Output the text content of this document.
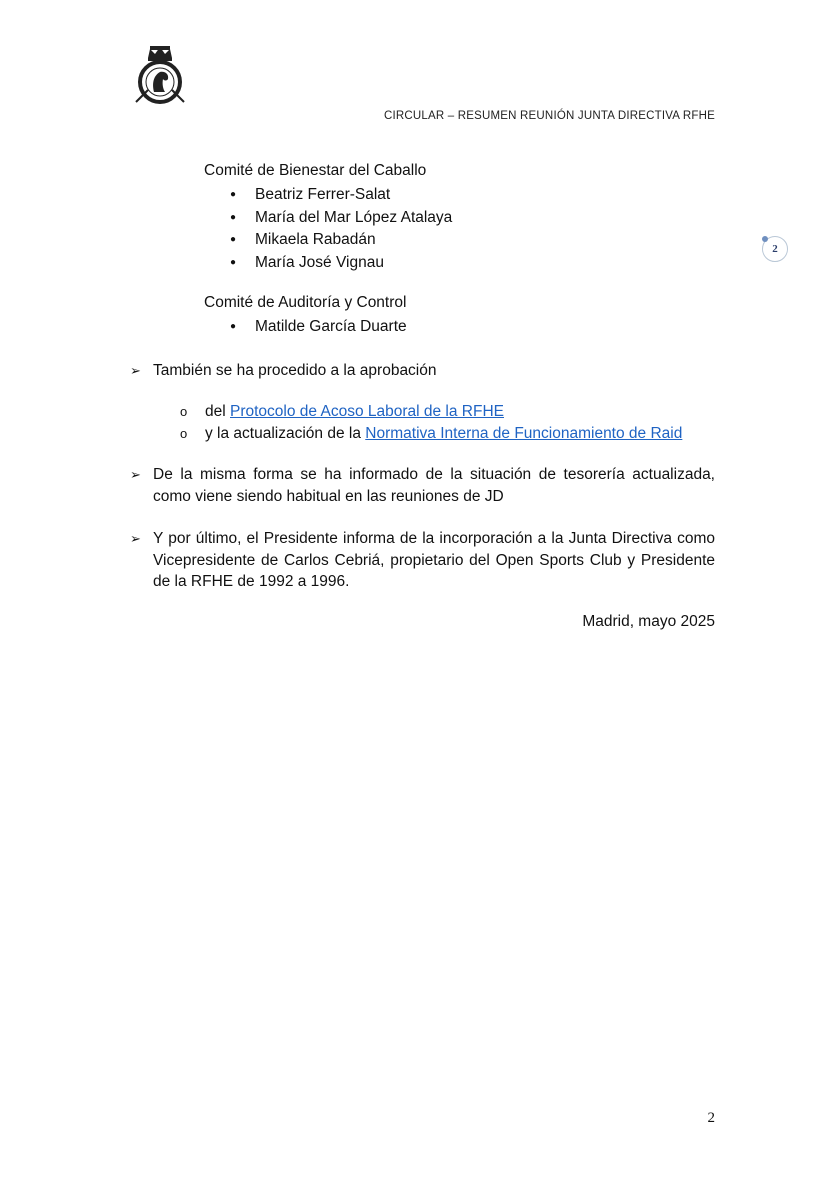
CIRCULAR – RESUMEN REUNIÓN JUNTA DIRECTIVA RFHE
2
Comité de Bienestar del Caballo
● Beatriz Ferrer-Salat
● María del Mar López Atalaya
● Mikaela Rabadán
● María José Vignau
Comité de Auditoría y Control
● Matilde García Duarte
➢ También se ha procedido a la aprobación
o del Protocolo de Acoso Laboral de la RFHE
o y la actualización de la Normativa Interna de Funcionamiento de Raid
➢ De la misma forma se ha informado de la situación de tesorería actualizada, como viene siendo habitual en las reuniones de JD
➢ Y por último, el Presidente informa de la incorporación a la Junta Directiva como Vicepresidente de Carlos Cebriá, propietario del Open Sports Club y Presidente de la RFHE de 1992 a 1996.
Madrid, mayo 2025
2
